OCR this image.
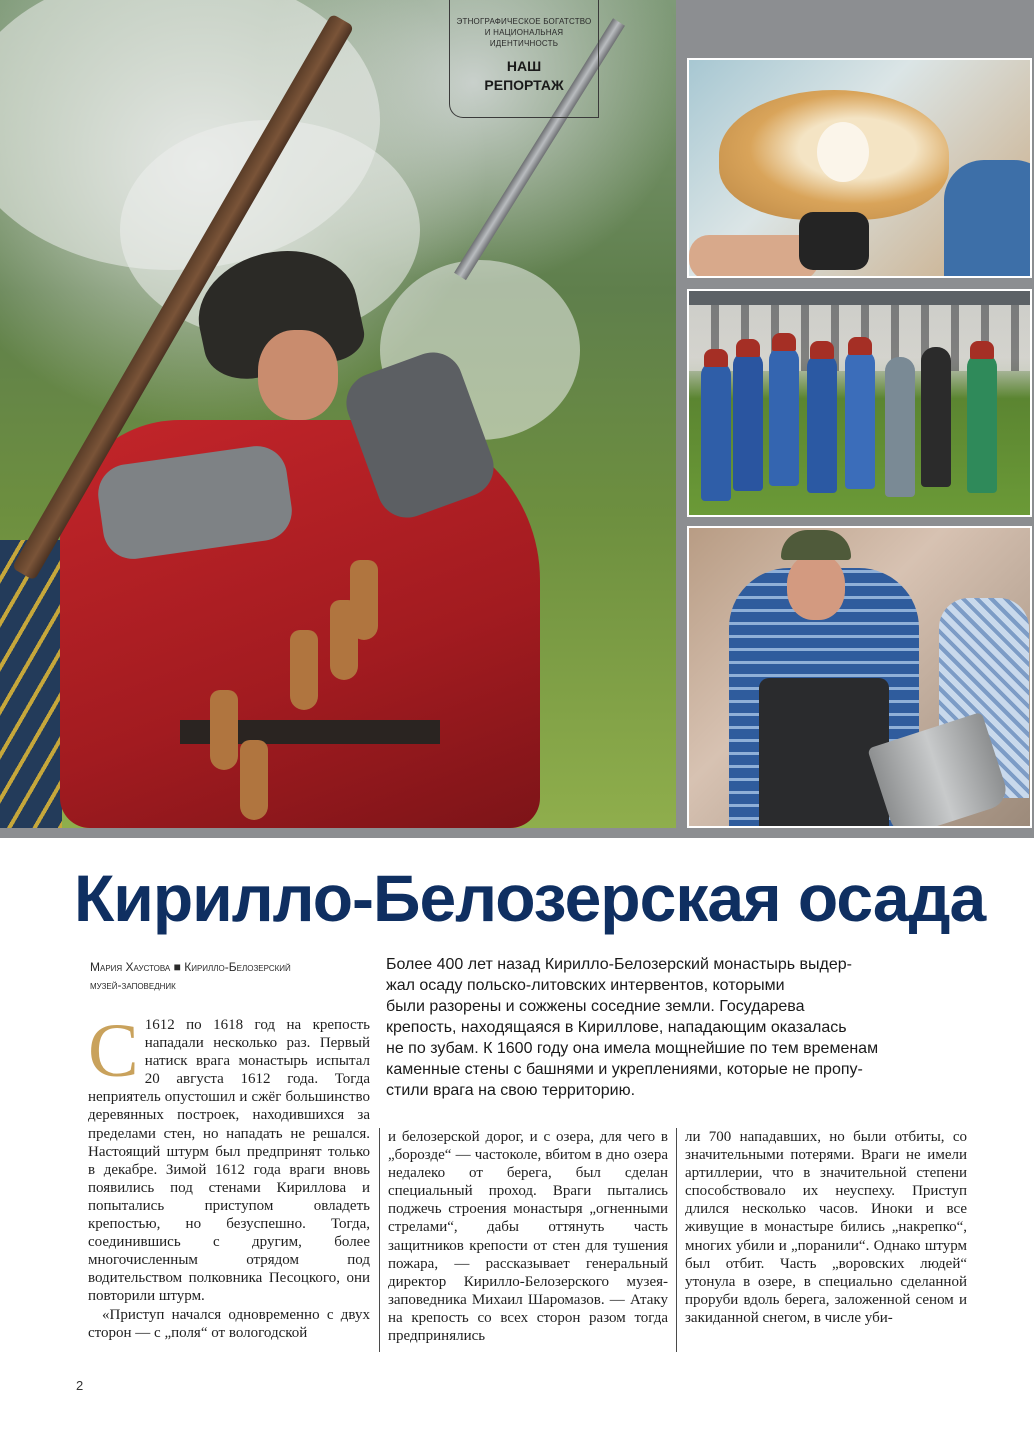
ЭТНОГРАФИЧЕСКОЕ БОГАТСТВО
И НАЦИОНАЛЬНАЯ ИДЕНТИЧНОСТЬ
НАШ
РЕПОРТАЖ
Кирилло-Белозерская осада
Мария Хаустова ■ Кирилло-Белозерский
музей-заповедник
Более 400 лет назад Кирилло-Белозерский монастырь выдер-
жал осаду польско-литовских интервентов, которыми
были разорены и сожжены соседние земли. Государева
крепость, находящаяся в Кириллове, нападающим оказалась
не по зубам. К 1600 году она имела мощнейшие по тем временам
каменные стены с башнями и укреплениями, которые не пропу-
стили врага на свою территорию.

С 1612 по 1618 год на крепость нападали несколько раз. Первый натиск врага монастырь испытал 20 августа 1612 года. Тогда неприятель опустошил и сжёг большинство деревянных построек, находившихся за пределами стен, но нападать не решался. Настоящий штурм был предпринят только в декабре. Зимой 1612 года враги вновь появились под стенами Кириллова и попытались приступом овладеть крепостью, но безуспешно. Тогда, соединившись с другим, более многочисленным отрядом под водительством полковника Песоцкого, они повторили штурм.

«Приступ начался одновременно с двух сторон — с „поля“ от вологодской

и белозерской дорог, и с озера, для чего в „борозде“ — частоколе, вбитом в дно озера недалеко от берега, был сделан специальный проход. Враги пытались поджечь строения монастыря „огненными стрелами“, дабы оттянуть часть защитников крепости от стен для тушения пожара, — рассказывает генеральный директор Кирилло-Белозерского музея-заповедника Михаил Шаромазов. — Атаку на крепость со всех сторон разом тогда предпринялись

ли 700 нападавших, но были отбиты, со значительными потерями. Враги не имели артиллерии, что в значительной степени способствовало их неуспеху. Приступ длился несколько часов. Иноки и все живущие в монастыре бились „накрепко“, многих убили и „поранили“. Однако штурм был отбит. Часть „воровских людей“ утонула в озере, в специально сделанной проруби вдоль берега, заложенной сеном и закиданной снегом, в числе уби-

2
